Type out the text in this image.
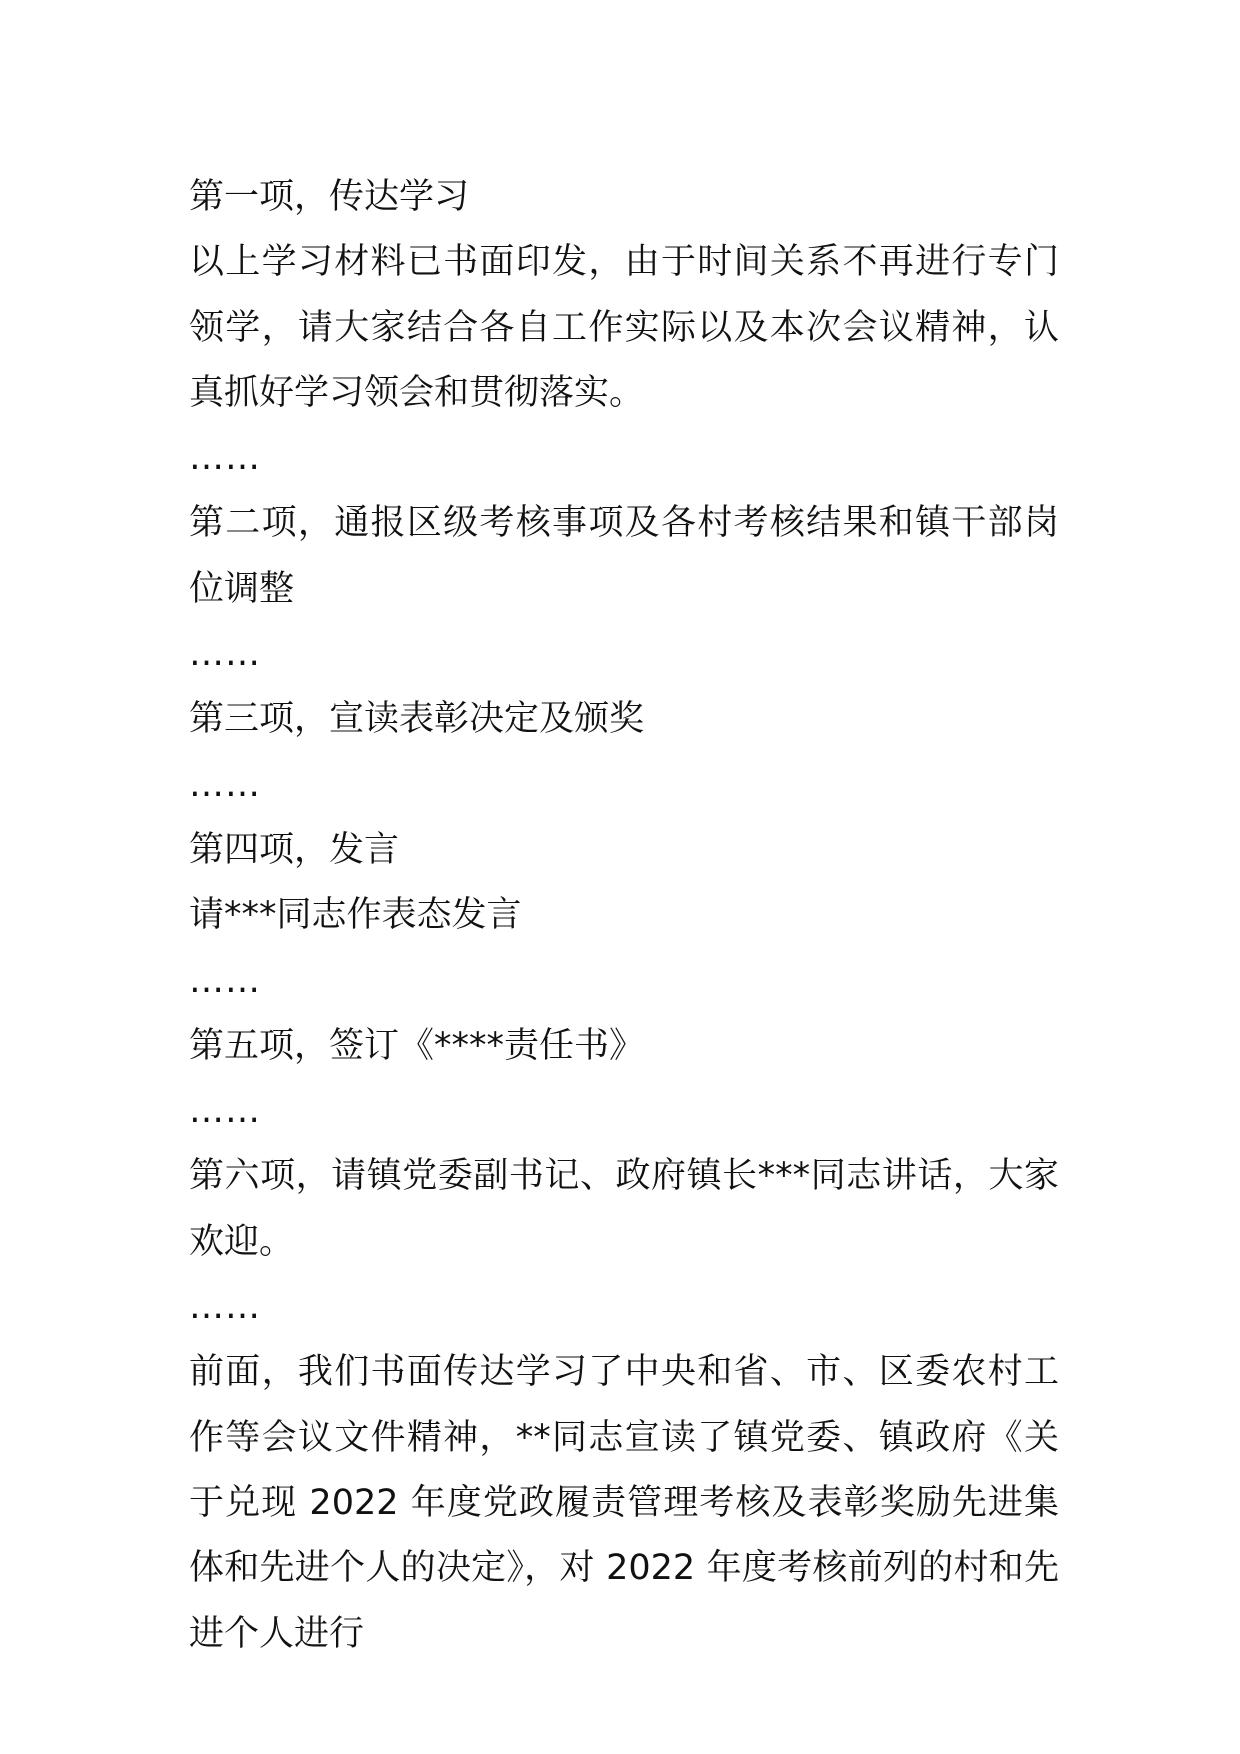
第一项，传达学习

以上学习材料已书面印发，由于时间关系不再进行专门领学，请大家结合各自工作实际以及本次会议精神，认真抓好学习领会和贯彻落实。

……

第二项，通报区级考核事项及各村考核结果和镇干部岗位调整

……

第三项，宣读表彰决定及颁奖

……

第四项，发言

请***同志作表态发言

……

第五项，签订《****责任书》

……

第六项，请镇党委副书记、政府镇长***同志讲话，大家欢迎。

……

前面，我们书面传达学习了中央和省、市、区委农村工作等会议文件精神，**同志宣读了镇党委、镇政府《关于兑现 2022 年度党政履责管理考核及表彰奖励先进集体和先进个人的决定》，对 2022 年度考核前列的村和先进个人进行
